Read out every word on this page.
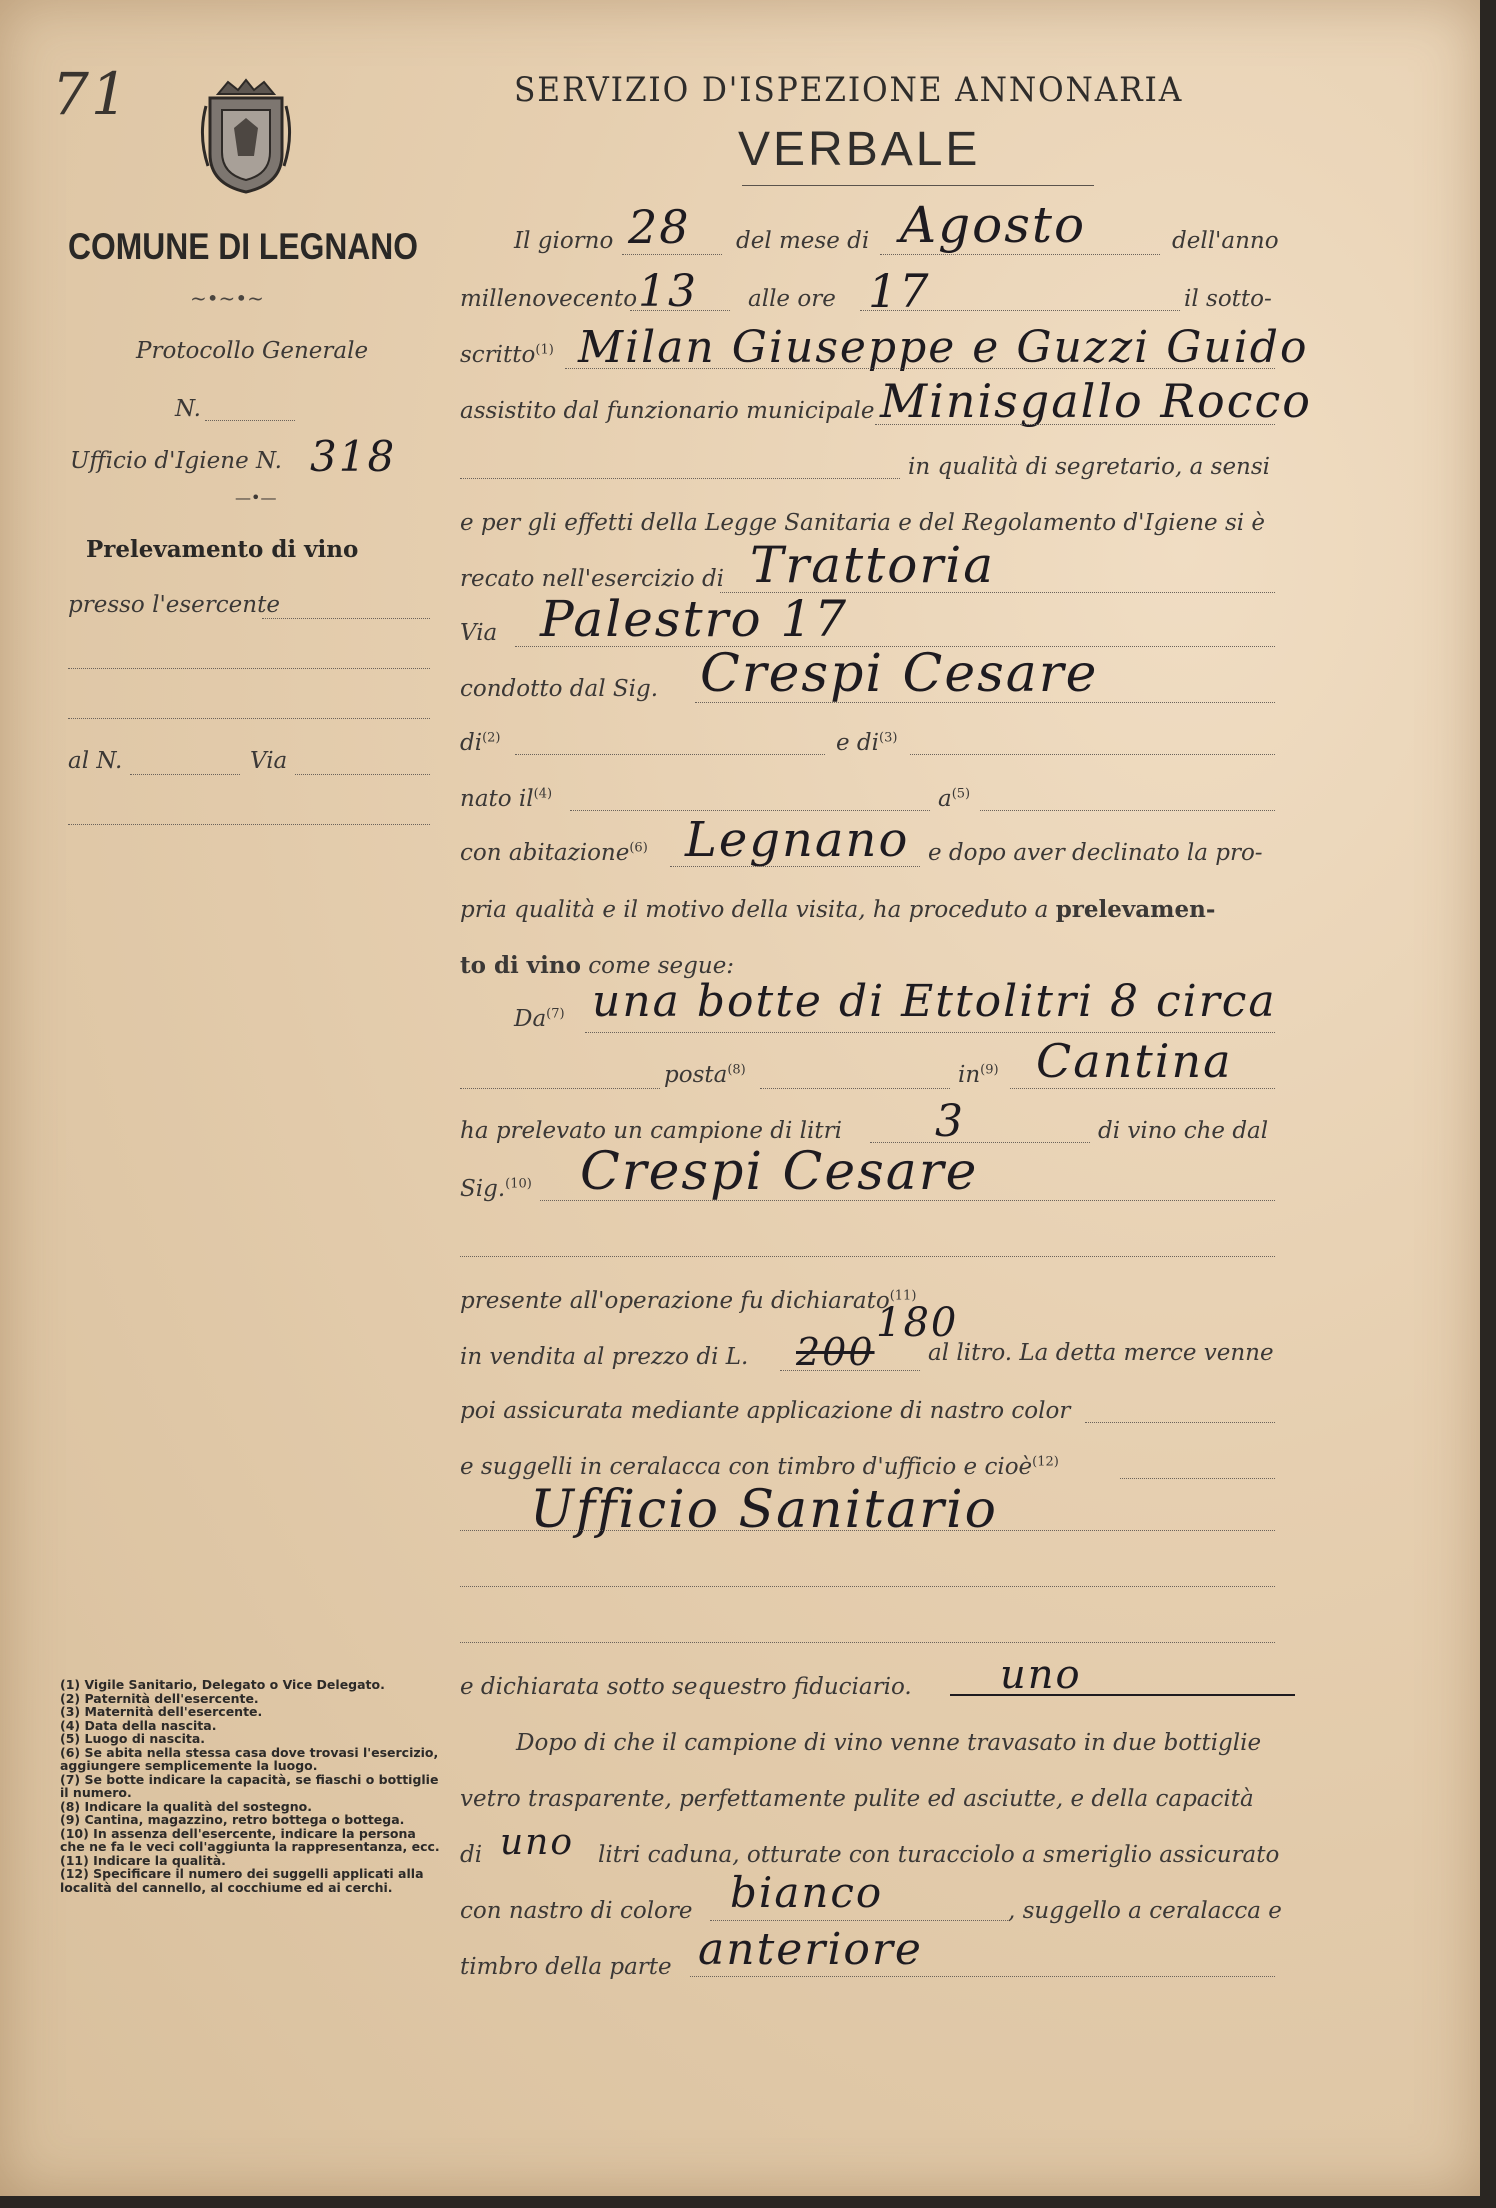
71
COMUNE DI LEGNANO
~•~•~
SERVIZIO D'ISPEZIONE ANNONARIA
VERBALE
Protocollo Generale
N.
Ufficio d'Igiene N. 318
—•—
Prelevamento di vino
presso l'esercente
al N.	Via
Il giorno 28 del mese di Agosto	dell'anno
millenovecento 13 alle ore 17	il sotto-
scritto$^{(1)}$ Milan Giuseppe e Guzzi Guido
assistito dal funzionario municipale Minisgallo Rocco
in qualità di segretario, a sensi
e per gli effetti della Legge Sanitaria e del Regolamento d'Igiene si è
recato nell'esercizio di Trattoria
Via Palestro 17
condotto dal Sig. Crespi Cesare
$di^{(2)}$	e $di^{(3)}$
nato $il^{(4)}$	$a^{(5)}$
con abitazione$^{(6)}$ Legnano e dopo aver declinato la pro-
pria qualità e il motivo della visita, ha proceduto a prelevamen-
to di vino come segue:
Da$^{(7)}$ una botte di Ettolitri 8 circa
posta$^{(8)}$	$in^{(9)}$ Cantina
ha prelevato un campione di litri 3	di vino che dal
Sig.$^{(10)}$ Crespi Cesare
presente all'operazione fu dichiarato$^{(11)}$
in vendita al prezzo di L. 200
180
al litro. La detta merce venne
poi assicurata mediante applicazione di nastro color
e suggelli in ceralacca con timbro d'ufficio e cioè$^{(12)}$
Ufficio Sanitario
e dichiarata sotto sequestro fiduciario. uno
Dopo di che il campione di vino venne travasato in due bottiglie
vetro trasparente, perfettamente pulite ed asciutte, e della capacità
di uno litri caduna, otturate con turacciolo a smeriglio assicurato
con nastro di colore bianco	, suggello a ceralacca e
timbro della parte anteriore
(1) Vigile Sanitario, Delegato o Vice Delegato.
(2) Paternità dell'esercente.
(3) Maternità dell'esercente.
(4) Data della nascita.
(5) Luogo di nascita.
(6) Se abita nella stessa casa dove trovasi l'esercizio, aggiungere semplicemente la luogo.
(7) Se botte indicare la capacità, se fiaschi o bottiglie il numero.
(8) Indicare la qualità del sostegno.
(9) Cantina, magazzino, retro bottega o bottega.
(10) In assenza dell'esercente, indicare la persona che ne fa le veci coll'aggiunta la rappresentanza, ecc.
(11) Indicare la qualità.
(12) Specificare il numero dei suggelli applicati alla località del cannello, al cocchiume ed ai cerchi.
